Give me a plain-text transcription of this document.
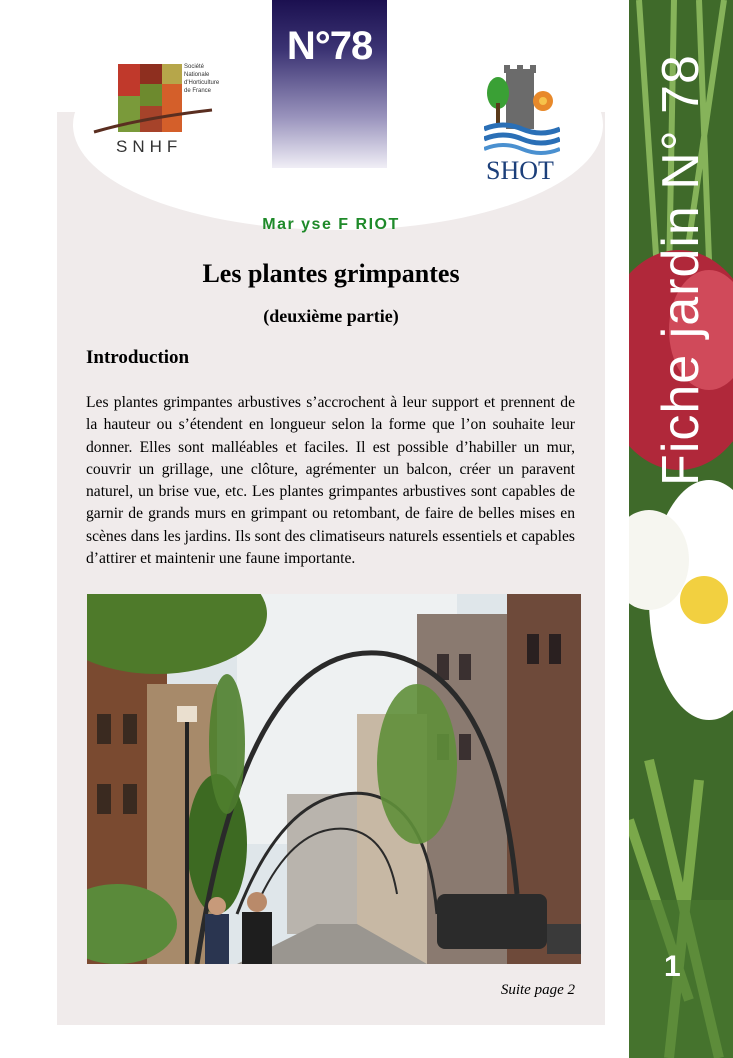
N°78
Société
Nationale
d'Horticulture
de France
SNHF
SHOT
Mar yse F RIOT
Les plantes grimpantes
(deuxième partie)
Introduction

Les plantes grimpantes arbustives s’accrochent à leur support et prennent de la hauteur ou s’étendent en longueur selon la forme que l’on souhaite leur donner. Elles sont malléables et faciles. Il est possible d’habiller un mur, couvrir un grillage, une clôture, agrémenter un balcon, créer un paravent naturel, un brise vue, etc. Les plantes grimpantes arbustives sont capables de garnir de grands murs en grimpant ou retombant, de faire de belles mises en scènes dans les jardins. Ils sont des climatiseurs naturels essentiels et capables d’attirer et maintenir une faune importante.

Suite page 2
Fiche jardin N° 78
1
